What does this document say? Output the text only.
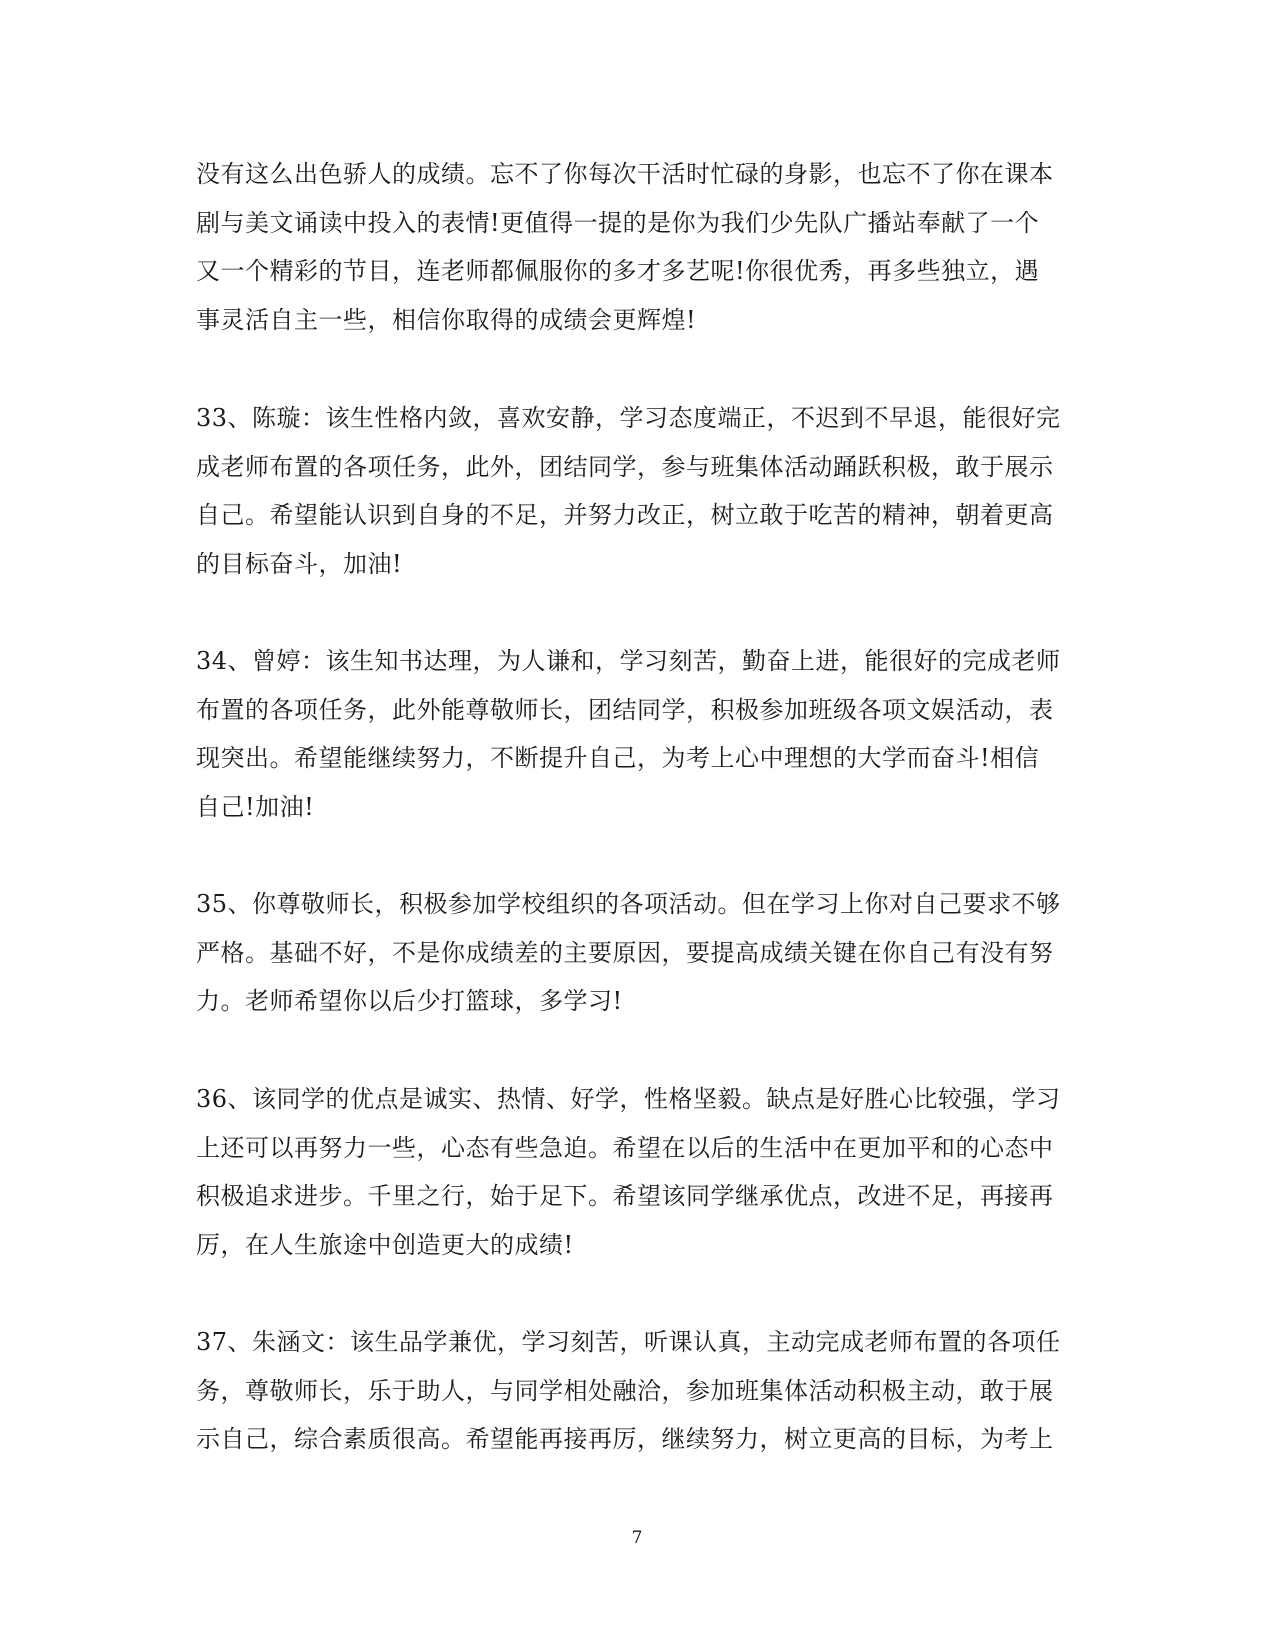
没有这么出色骄人的成绩。忘不了你每次干活时忙碌的身影，也忘不了你在课本
剧与美文诵读中投入的表情!更值得一提的是你为我们少先队广播站奉献了一个
又一个精彩的节目，连老师都佩服你的多才多艺呢!你很优秀，再多些独立，遇
事灵活自主一些，相信你取得的成绩会更辉煌!
33、陈璇：该生性格内敛，喜欢安静，学习态度端正，不迟到不早退，能很好完
成老师布置的各项任务，此外，团结同学，参与班集体活动踊跃积极，敢于展示
自己。希望能认识到自身的不足，并努力改正，树立敢于吃苦的精神，朝着更高
的目标奋斗，加油!
34、曾婷：该生知书达理，为人谦和，学习刻苦，勤奋上进，能很好的完成老师
布置的各项任务，此外能尊敬师长，团结同学，积极参加班级各项文娱活动，表
现突出。希望能继续努力，不断提升自己，为考上心中理想的大学而奋斗!相信
自己!加油!
35、你尊敬师长，积极参加学校组织的各项活动。但在学习上你对自己要求不够
严格。基础不好，不是你成绩差的主要原因，要提高成绩关键在你自己有没有努
力。老师希望你以后少打篮球，多学习!
36、该同学的优点是诚实、热情、好学，性格坚毅。缺点是好胜心比较强，学习
上还可以再努力一些，心态有些急迫。希望在以后的生活中在更加平和的心态中
积极追求进步。千里之行，始于足下。希望该同学继承优点，改进不足，再接再
厉，在人生旅途中创造更大的成绩!
37、朱涵文：该生品学兼优，学习刻苦，听课认真，主动完成老师布置的各项任
务，尊敬师长，乐于助人，与同学相处融洽，参加班集体活动积极主动，敢于展
示自己，综合素质很高。希望能再接再厉，继续努力，树立更高的目标，为考上
7
